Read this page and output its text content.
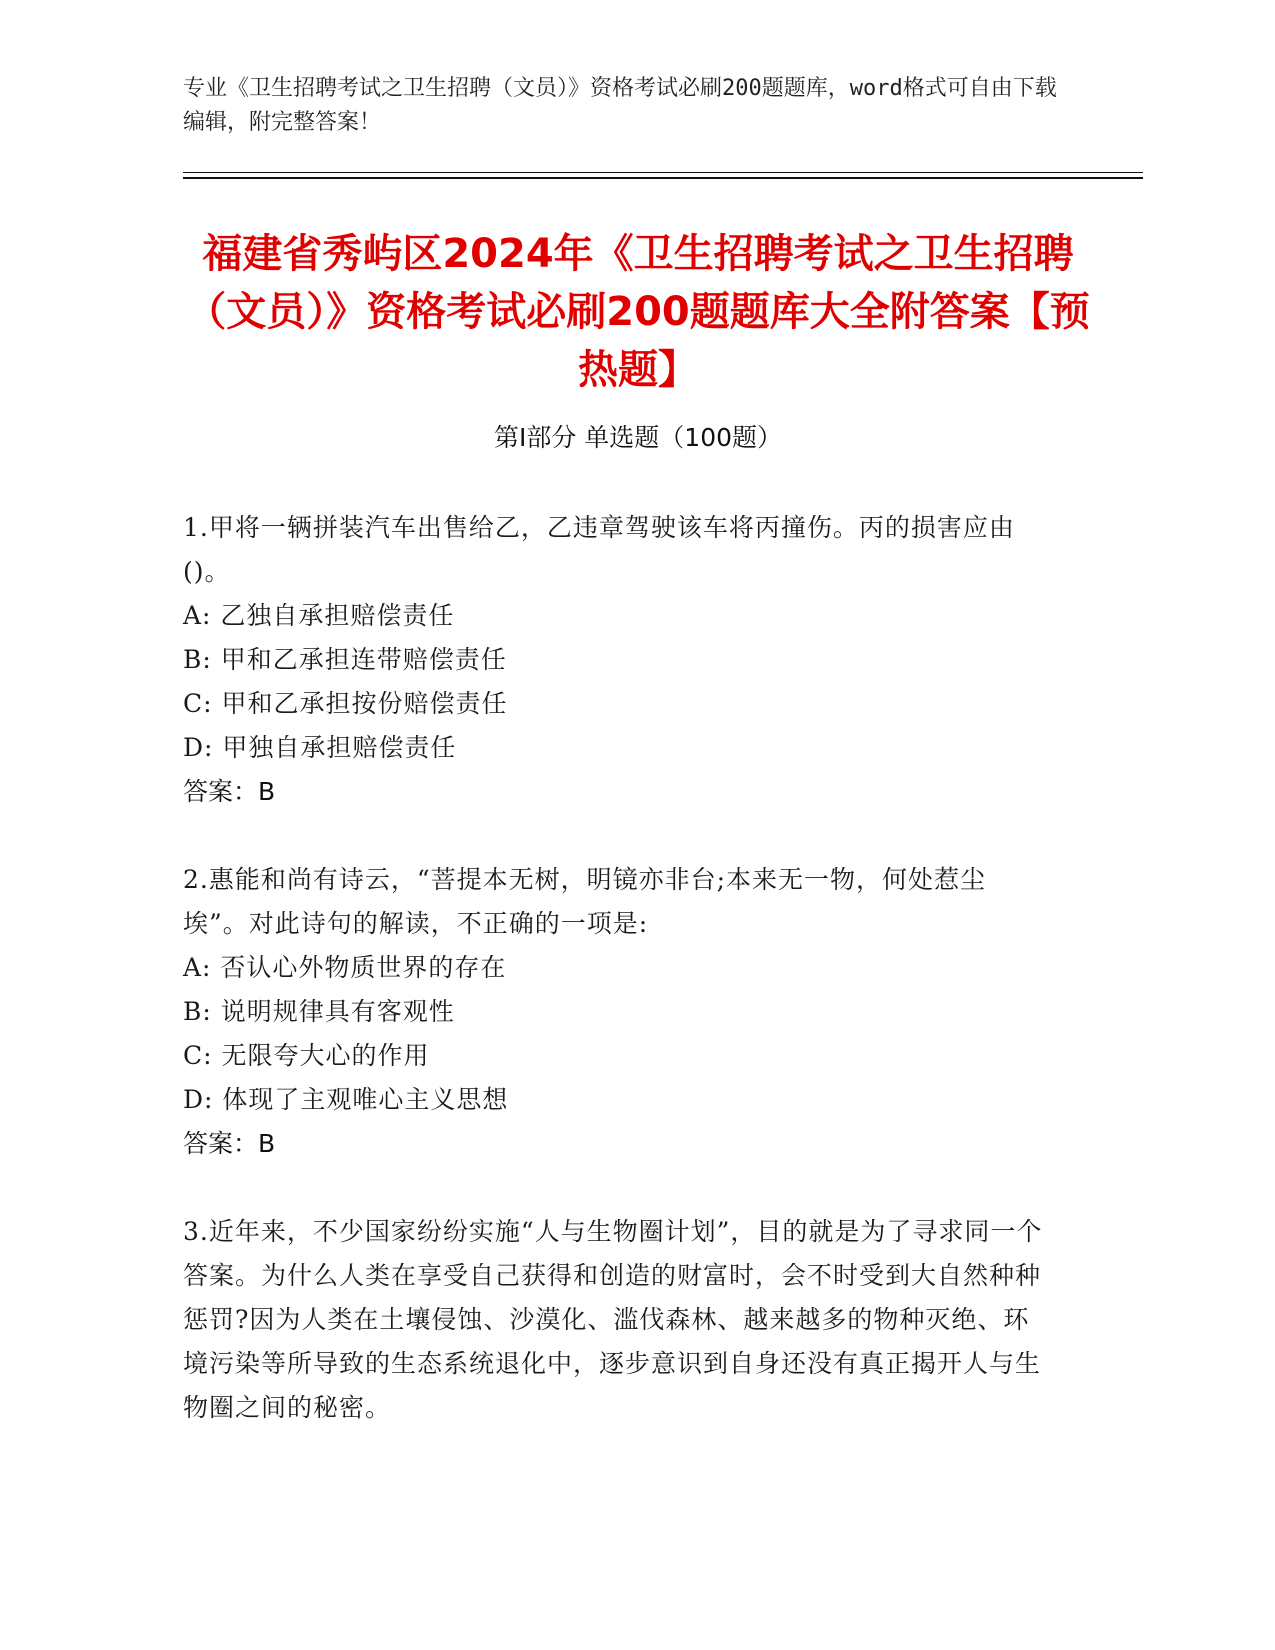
专业《卫生招聘考试之卫生招聘（文员）》资格考试必刷200题题库，word格式可自由下载编辑，附完整答案！
福建省秀屿区2024年《卫生招聘考试之卫生招聘（文员）》资格考试必刷200题题库大全附答案【预热题】
第I部分 单选题（100题）
1.甲将一辆拼装汽车出售给乙，乙违章驾驶该车将丙撞伤。丙的损害应由()。
A: 乙独自承担赔偿责任
B: 甲和乙承担连带赔偿责任
C: 甲和乙承担按份赔偿责任
D: 甲独自承担赔偿责任
答案：B
2.惠能和尚有诗云，“菩提本无树，明镜亦非台;本来无一物，何处惹尘埃”。对此诗句的解读，不正确的一项是:
A: 否认心外物质世界的存在
B: 说明规律具有客观性
C: 无限夸大心的作用
D: 体现了主观唯心主义思想
答案：B
3.近年来，不少国家纷纷实施“人与生物圈计划”，目的就是为了寻求同一个答案。为什么人类在享受自己获得和创造的财富时，会不时受到大自然种种惩罚?因为人类在土壤侵蚀、沙漠化、滥伐森林、越来越多的物种灭绝、环境污染等所导致的生态系统退化中，逐步意识到自身还没有真正揭开人与生物圈之间的秘密。
